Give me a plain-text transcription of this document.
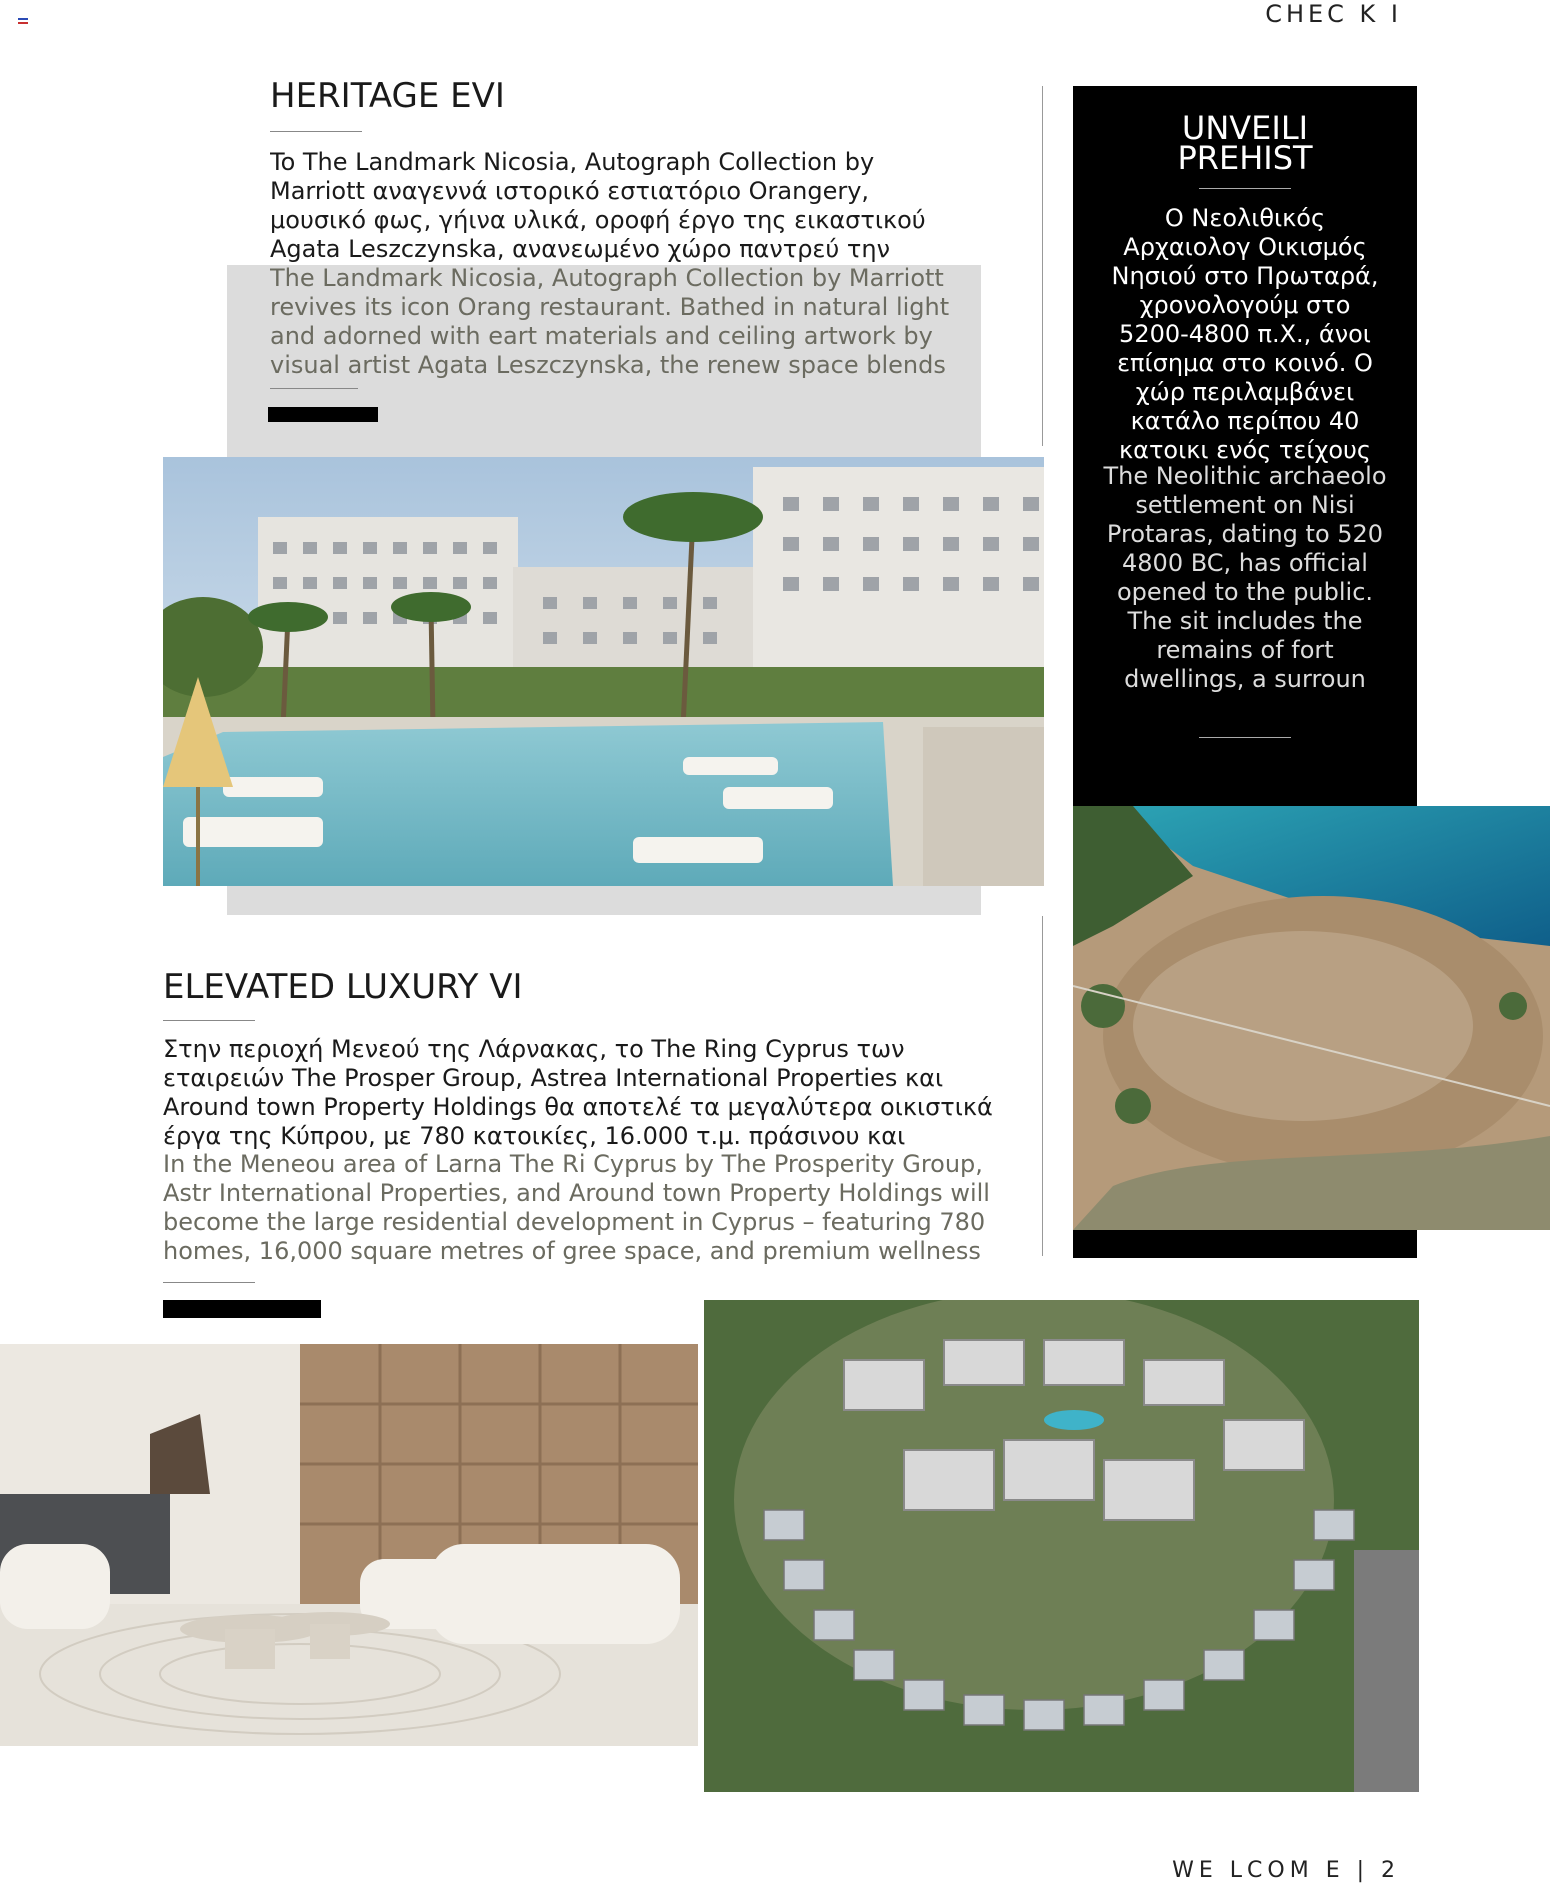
CHEC K I
HERITAGE EVI
To The Landmark Nicosia, Autograph Collection by Marriott αναγεννά ιστορικό εστιατόριο Orangery, μουσικό φως, γήινα υλικά, οροφή έργο της εικαστικού Agata Leszczynska, ανανεωμένο χώρο παντρεύ την
The Landmark Nicosia, Autograph Collection by Marriott revives its icon Orang restaurant. Bathed in natural light and adorned with eart materials and ceiling artwork by visual artist Agata Leszczynska, the renew space blends
UNVEILI
PREHIST
Ο Νεολιθικός Αρχαιολογ Οικισμός Νησιού στο Πρωταρά, χρονολογούμ στο 5200-4800 π.Χ., άνοι επίσημα στο κοινό. Ο χώρ περιλαμβάνει κατάλο περίπου 40 κατοικι ενός τείχους
The Neolithic archaeolo settlement on Nisi Protaras, dating to 520 4800 BC, has official opened to the public. The sit includes the remains of fort dwellings, a surroun
ELEVATED LUXURY VI
Στην περιοχή Μενεού της Λάρνακας, το The Ring Cyprus των εταιρειών The Prosper Group, Astrea International Properties και Around town Property Holdings θα αποτελέ τα μεγαλύτερα οικιστικά έργα της Κύπρου, με 780 κατοικίες, 16.000 τ.μ. πράσινου και
In the Meneou area of Larna The Ri Cyprus by The Prosperity Group, Astr International Properties, and Around town Property Holdings will become the large residential development in Cyprus – featuring 780 homes, 16,000 square metres of gree space, and premium wellness
WE LCOM E | 2
